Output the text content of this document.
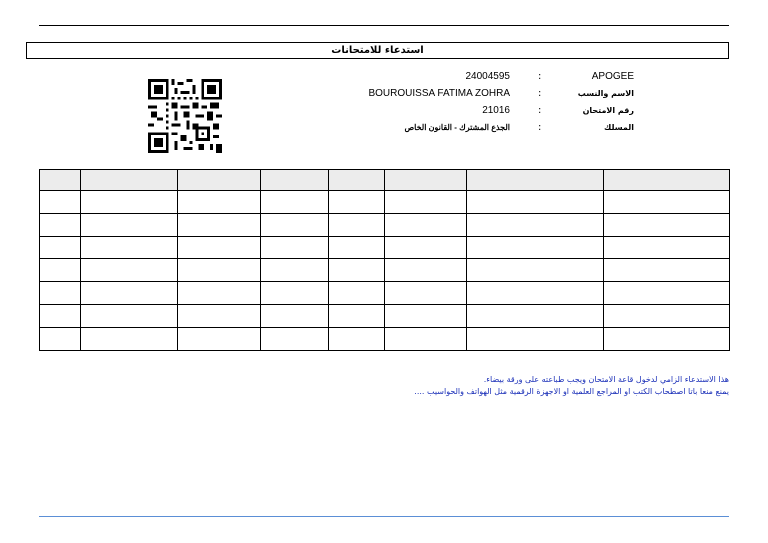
استدعاء للامتحانات
24004595	:	APOGEE
BOUROUISSA FATIMA ZOHRA	:	الاسم والنسب
21016	:	رقم الامتحان
الجذع المشترك - القانون الخاص	:	المسلك

هذا الاستدعاء الزامي لدخول قاعة الامتحان ويجب طباعته على ورقة بيضاء.
يمنع منعا باتا اصطحاب الكتب او المراجع العلمية او الاجهزة الرقمية مثل الهواتف والحواسيب ....
